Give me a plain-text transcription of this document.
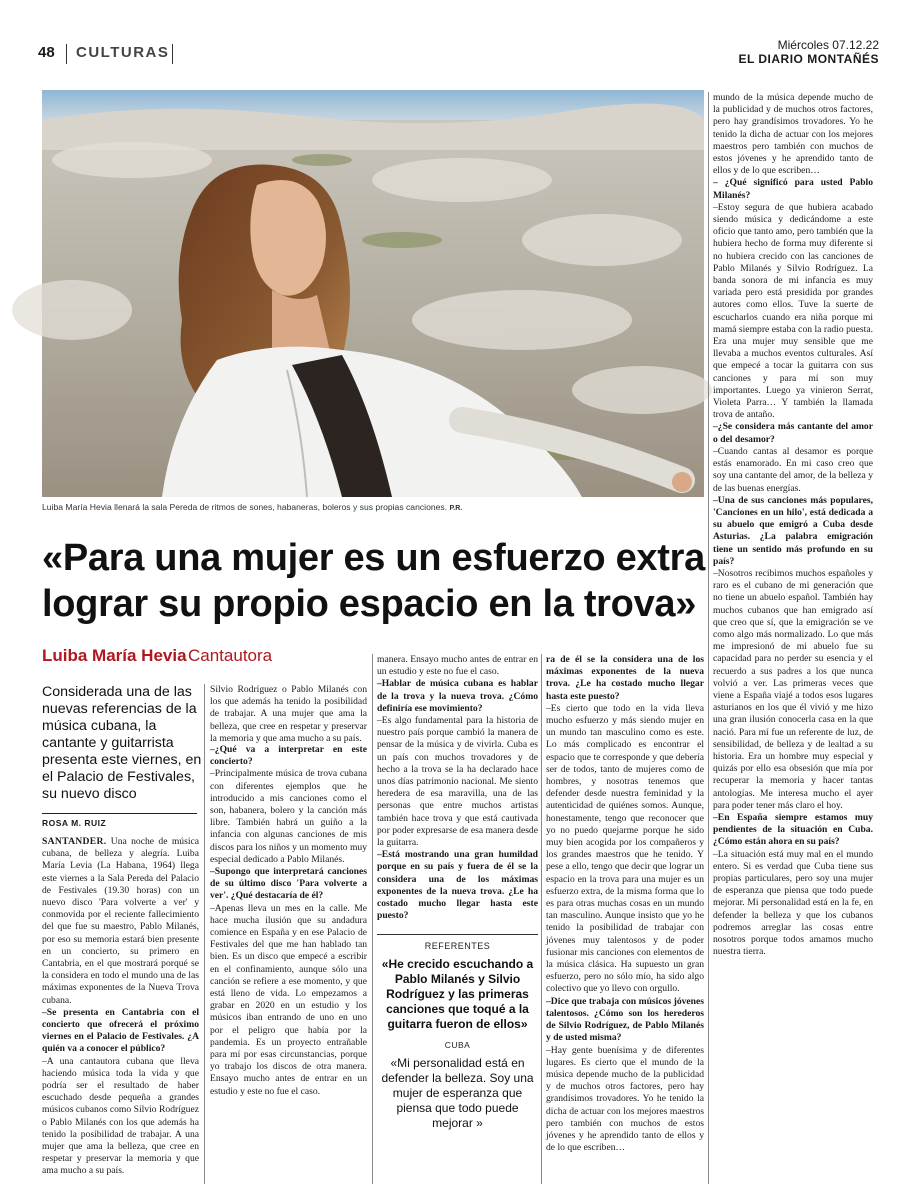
48 CULTURAS	Miércoles 07.12.22
EL DIARIO MONTAÑÉS
Luiba María Hevia llenará la sala Pereda de ritmos de sones, habaneras, boleros y sus propias canciones. P.R.
«Para una mujer es un esfuerzo extra lograr su propio espacio en la trova»
Luiba María Hevia Cantautora
Considerada una de las nuevas referencias de la música cubana, la cantante y guitarrista presenta este viernes, en el Palacio de Festivales, su nuevo disco
ROSA M. RUIZ

SANTANDER. Una noche de música cubana, de belleza y alegría. Luiba María Levia (La Habana, 1964) llega este viernes a la Sala Pereda del Palacio de Festivales (19.30 horas) con un nuevo disco 'Para volverte a ver' y conmovida por el reciente fallecimiento del que fue su maestro, Pablo Milanés, por eso su memoria estará bien presente en un concierto, su primero en Cantabria, en el que mostrará porqué se la considera en todo el mundo una de las máximas exponentes de la Nueva Trova cubana.

–Se presenta en Cantabria con el concierto que ofrecerá el próximo viernes en el Palacio de Festivales. ¿A quién va a conocer el público?

–A una cantautora cubana que lleva haciendo música toda la vida y que podría ser el resultado de haber escuchado desde pequeña a grandes músicos cubanos como Silvio Rodríguez o Pablo Milanés con los que además ha tenido la posibilidad de trabajar. A una mujer que ama la belleza, que cree en respetar y preservar la memoria y que ama mucho a su país.

Silvio Rodríguez o Pablo Milanés con los que además ha tenido la posibilidad de trabajar. A una mujer que ama la belleza, que cree en respetar y preservar la memoria y que ama mucho a su país.

–¿Qué va a interpretar en este concierto?

–Principalmente música de trova cubana con diferentes ejemplos que he introducido a mis canciones como el son, habanera, bolero y la canción más libre. También habrá un guiño a la infancia con algunas canciones de mis discos para los niños y un momento muy especial dedicado a Pablo Milanés.

–Supongo que interpretará canciones de su último disco 'Para volverte a ver'. ¿Qué destacaría de él?

–Apenas lleva un mes en la calle. Me hace mucha ilusión que su andadura comience en España y en ese Palacio de Festivales del que me han hablado tan bien. Es un disco que empecé a escribir en el confinamiento, aunque sólo una canción se refiere a ese momento, y que está lleno de vida. Lo empezamos a grabar en 2020 en un estudio y los músicos iban entrando de uno en uno por el peligro que había por la pandemia. Es un proyecto entrañable para mí por esas circunstancias, porque yo trabajo los discos de otra manera. Ensayo mucho antes de entrar en un estudio y este no fue el caso.

manera. Ensayo mucho antes de entrar en un estudio y este no fue el caso.

–Hablar de música cubana es hablar de la trova y la nueva trova. ¿Cómo definiría ese movimiento?

–Es algo fundamental para la historia de nuestro país porque cambió la manera de pensar de la música y de vivirla. Cuba es un país con muchos trovadores y de hecho a la trova se la ha declarado hace unos días patrimonio nacional. Me siento heredera de esa maravilla, una de las personas que entre muchos artistas también hace trova y que está cautivada por poder expresarse de esa manera desde la guitarra.

–Está mostrando una gran humildad porque en su país y fuera de él se la considera una de los máximas exponentes de la nueva trova. ¿Le ha costado mucho llegar hasta este puesto?

REFERENTES
«He crecido escuchando a Pablo Milanés y Silvio Rodríguez y las primeras canciones que toqué a la guitarra fueron de ellos»
CUBA
«Mi personalidad está en defender la belleza. Soy una mujer de esperanza que piensa que todo puede mejorar »

ra de él se la considera una de los máximas exponentes de la nueva trova. ¿Le ha costado mucho llegar hasta este puesto?

–Es cierto que todo en la vida lleva mucho esfuerzo y más siendo mujer en un mundo tan masculino como es este. Lo más complicado es encontrar el espacio que te corresponde y que debería ser de todos, tanto de mujeres como de hombres, y nosotras tenemos que defender desde nuestra feminidad y la autenticidad de quiénes somos. Aunque, honestamente, tengo que reconocer que yo no puedo quejarme porque he sido muy bien acogida por los compañeros y los grandes maestros que he tenido. Y pese a ello, tengo que decir que lograr un espacio en la trova para una mujer es un esfuerzo extra, de la misma forma que lo es para otras muchas cosas en un mundo tan masculino. Aunque insisto que yo he tenido la posibilidad de trabajar con jóvenes muy talentosos y de poder fusionar mis canciones con elementos de la música clásica. Ha supuesto un gran esfuerzo, pero no sólo mío, ha sido algo colectivo que yo llevo con orgullo.

–Dice que trabaja con músicos jóvenes talentosos. ¿Cómo son los herederos de Silvio Rodríguez, de Pablo Milanés y de usted misma?

–Hay gente buenísima y de diferentes lugares. Es cierto que el mundo de la música depende mucho de la publicidad y de muchos otros factores, pero hay grandísimos trovadores. Yo he tenido la dicha de actuar con los mejores maestros pero también con muchos de estos jóvenes y he aprendido tanto de ellos y de lo que escriben…

mundo de la música depende mucho de la publicidad y de muchos otros factores, pero hay grandísimos trovadores. Yo he tenido la dicha de actuar con los mejores maestros pero también con muchos de estos jóvenes y he aprendido tanto de ellos y de lo que escriben…

– ¿Qué significó para usted Pablo Milanés?

–Estoy segura de que hubiera acabado siendo música y dedicándome a este oficio que tanto amo, pero también que la hubiera hecho de forma muy diferente si no hubiera crecido con las canciones de Pablo Milanés y Silvio Rodríguez. La banda sonora de mi infancia es muy variada pero está presidida por grandes autores como ellos. Tuve la suerte de escucharlos cuando era niña porque mi mamá siempre estaba con la radio puesta. Era una mujer muy sensible que me llevaba a muchos eventos culturales. Así que empecé a tocar la guitarra con sus canciones y para mí son muy importantes. Luego ya vinieron Serrat, Violeta Parra… Y también la llamada trova de antaño.

–¿Se considera más cantante del amor o del desamor?

–Cuando cantas al desamor es porque estás enamorado. En mi caso creo que soy una cantante del amor, de la belleza y de las buenas energías.

–Una de sus canciones más populares, 'Canciones en un hilo', está dedicada a su abuelo que emigró a Cuba desde Asturias. ¿La palabra emigración tiene un sentido más profundo en su país?

–Nosotros recibimos muchos españoles y raro es el cubano de mi generación que no tiene un abuelo español. También hay muchos cubanos que han emigrado así que creo que sí, que la emigración se ve como algo más normalizado. Lo que más me impresionó de mi abuelo fue su capacidad para no perder su esencia y el recuerdo a sus padres a los que nunca volvió a ver. Las primeras veces que viene a España viajé a todos esos lugares asturianos en los que él vivió y me hizo una gran ilusión conocerla casa en la que nació. Para mí fue un referente de luz, de sensibilidad, de belleza y de lealtad a su historia. Era un hombre muy especial y quizás por ello esa obsesión que mía por recuperar la memoria y hacer tantas antologías. Me interesa mucho el ayer para poder tener más claro el hoy.

–En España siempre estamos muy pendientes de la situación en Cuba. ¿Cómo están ahora en su país?

–La situación está muy mal en el mundo entero. Si es verdad que Cuba tiene sus propias particulares, pero soy una mujer de esperanza que piensa que todo puede mejorar. Mi personalidad está en la fe, en defender la belleza y que los cubanos podremos arreglar las cosas entre nosotros porque todos amamos mucho nuestra tierra.
